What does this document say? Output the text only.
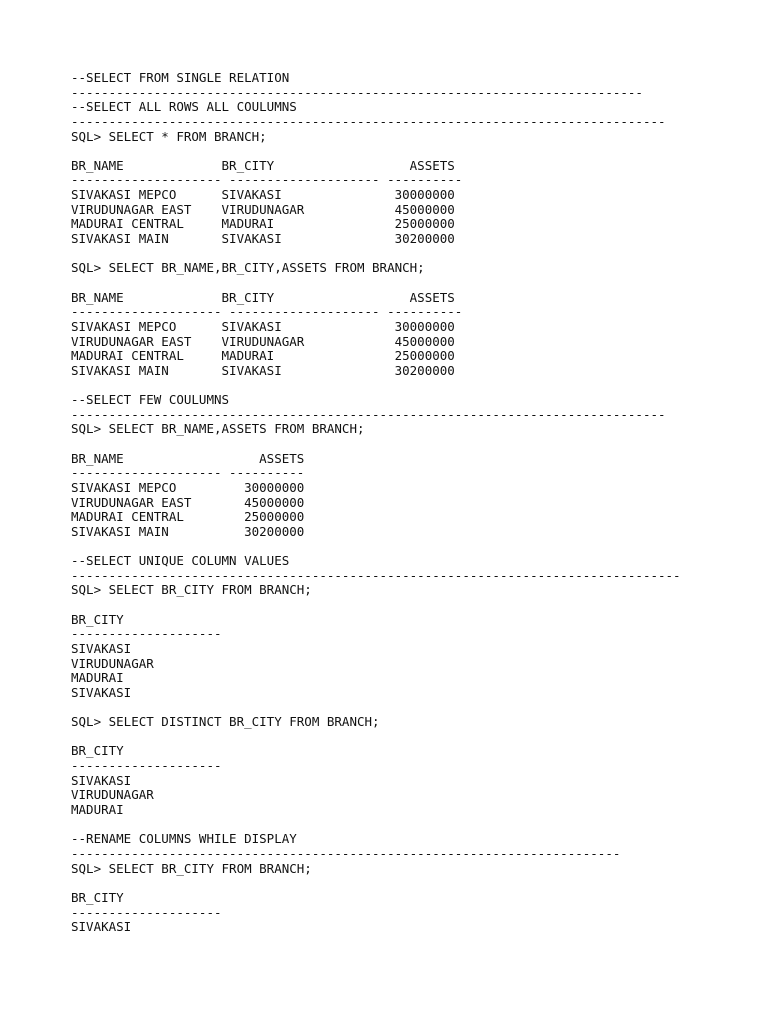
--SELECT FROM SINGLE RELATION
----------------------------------------------------------------------------
--SELECT ALL ROWS ALL COULUMNS
-------------------------------------------------------------------------------
SQL> SELECT * FROM BRANCH;

BR_NAME             BR_CITY                  ASSETS
-------------------- -------------------- ----------
SIVAKASI MEPCO      SIVAKASI               30000000
VIRUDUNAGAR EAST    VIRUDUNAGAR            45000000
MADURAI CENTRAL     MADURAI                25000000
SIVAKASI MAIN       SIVAKASI               30200000

SQL> SELECT BR_NAME,BR_CITY,ASSETS FROM BRANCH;

BR_NAME             BR_CITY                  ASSETS
-------------------- -------------------- ----------
SIVAKASI MEPCO      SIVAKASI               30000000
VIRUDUNAGAR EAST    VIRUDUNAGAR            45000000
MADURAI CENTRAL     MADURAI                25000000
SIVAKASI MAIN       SIVAKASI               30200000

--SELECT FEW COULUMNS
-------------------------------------------------------------------------------
SQL> SELECT BR_NAME,ASSETS FROM BRANCH;

BR_NAME                  ASSETS
-------------------- ----------
SIVAKASI MEPCO         30000000
VIRUDUNAGAR EAST       45000000
MADURAI CENTRAL        25000000
SIVAKASI MAIN          30200000

--SELECT UNIQUE COLUMN VALUES
---------------------------------------------------------------------------------
SQL> SELECT BR_CITY FROM BRANCH;

BR_CITY
--------------------
SIVAKASI
VIRUDUNAGAR
MADURAI
SIVAKASI

SQL> SELECT DISTINCT BR_CITY FROM BRANCH;

BR_CITY
--------------------
SIVAKASI
VIRUDUNAGAR
MADURAI

--RENAME COLUMNS WHILE DISPLAY
-------------------------------------------------------------------------
SQL> SELECT BR_CITY FROM BRANCH;

BR_CITY
--------------------
SIVAKASI
